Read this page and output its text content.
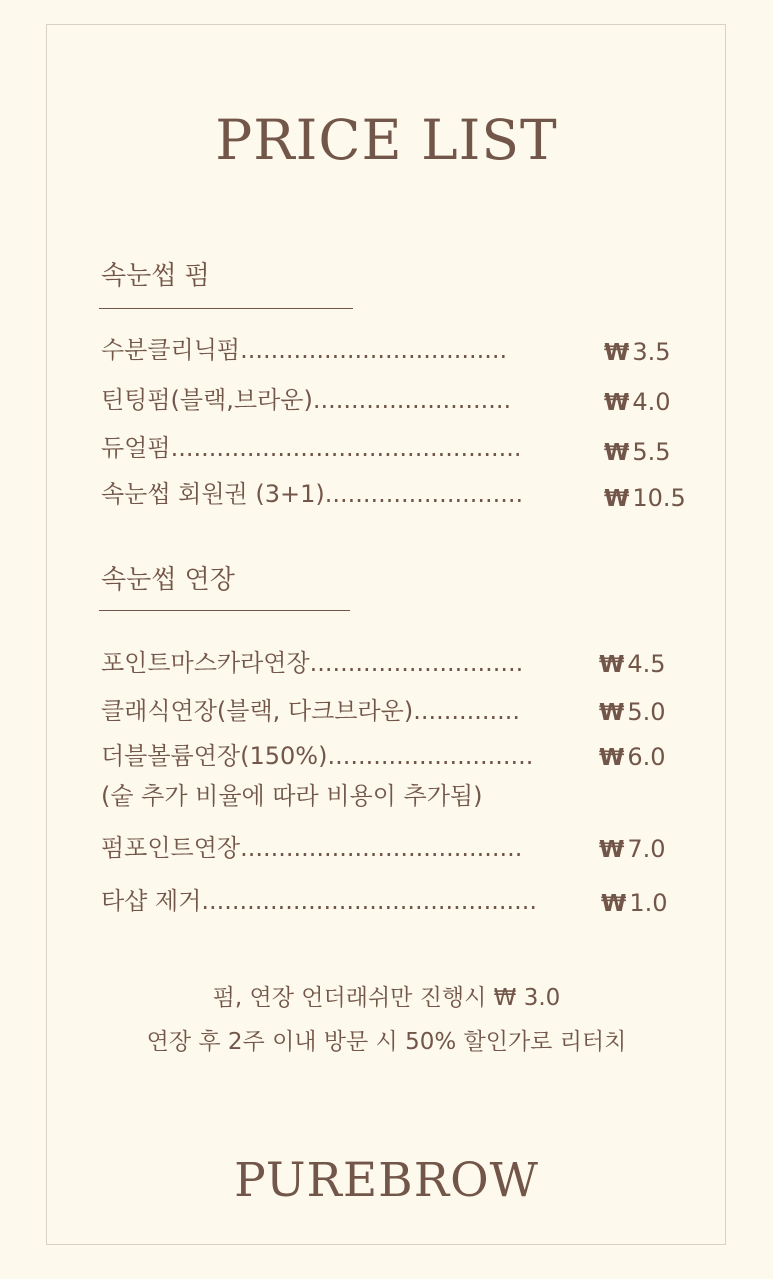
PRICE LIST
속눈썹 펌
수분클리닉펌...................................	₩ 3.5
틴팅펌(블랙,브라운)..........................	₩ 4.0
듀얼펌..............................................	₩ 5.5
속눈썹 회원권 (3+1)..........................	₩ 10.5
속눈썹 연장
포인트마스카라연장............................	₩ 4.5
클래식연장(블랙, 다크브라운)..............	₩ 5.0
더블볼륨연장(150%)...........................	₩ 6.0
(숱 추가 비율에 따라 비용이 추가됨)
펌포인트연장.....................................	₩ 7.0
타샵 제거............................................	₩ 1.0
펌, 연장 언더래쉬만 진행시 ₩ 3.0
연장 후 2주 이내 방문 시 50% 할인가로 리터치
PUREBROW
